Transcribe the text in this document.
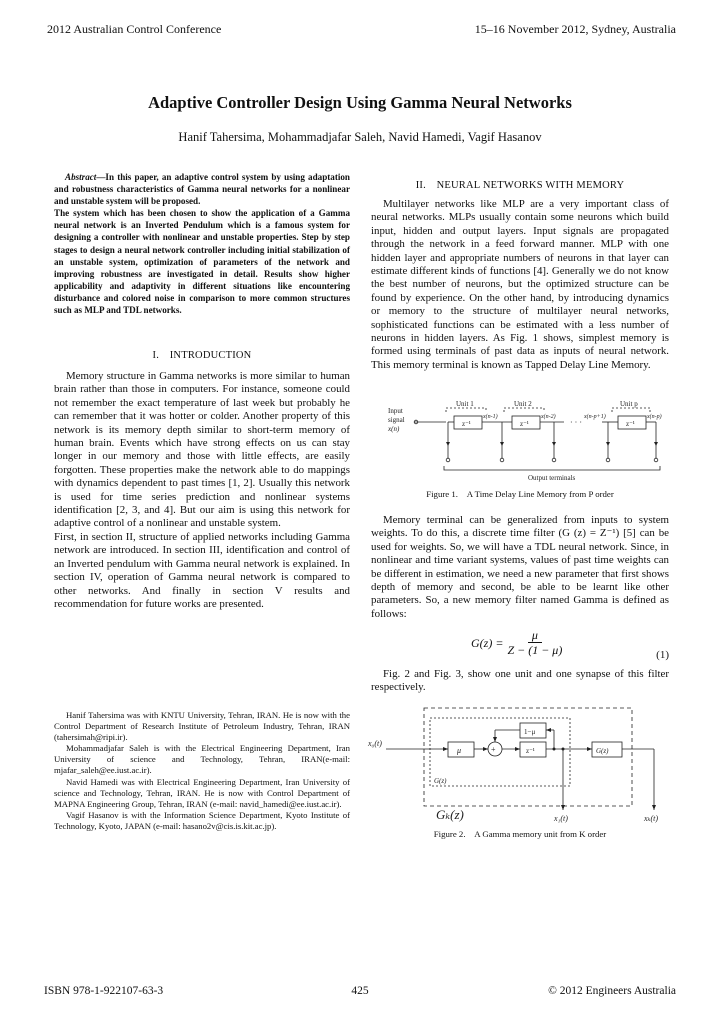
2012 Australian Control Conference	15–16 November 2012, Sydney, Australia
Adaptive Controller Design Using Gamma Neural Networks
Hanif Tahersima, Mohammadjafar Saleh, Navid Hamedi, Vagif Hasanov

Abstract—In this paper, an adaptive control system by using adaptation and robustness characteristics of Gamma neural networks for a nonlinear and unstable system will be proposed.

The system which has been chosen to show the application of a Gamma neural network is an Inverted Pendulum which is a famous system for designing a controller with nonlinear and unstable properties. Step by step stages to design a neural network controller including initial stabilization of an unstable system, optimization of parameters of the network and improving robustness are investigated in detail. Results show higher applicability and adaptivity in different situations like encountering disturbance and colored noise in comparison to more common structures such as MLP and TDL networks.

I. INTRODUCTION

Memory structure in Gamma networks is more similar to human brain rather than those in computers. For instance, someone could not remember the exact temperature of last week but probably he can remember that it was hotter or colder. Another property of this network is its memory depth similar to short-term memory of human brain. Events which have strong effects on us can stay longer in our memory and those with little effects, are easily forgotten. These properties make the network able to do mappings with dynamics dependent to past times [1, 2]. Usually this network is used for time series prediction and nonlinear systems identification [2, 3, and 4]. But our aim is using this network for adaptive control of a nonlinear and unstable system.

First, in section II, structure of applied networks including Gamma network are introduced. In section III, identification and control of an Inverted pendulum with Gamma neural network is explained. In section IV, operation of Gamma neural network is compared to other networks. And finally in section V results and recommendation for future works are presented.

Hanif Tahersima was with KNTU University, Tehran, IRAN. He is now with the Control Department of Research Institute of Petroleum Industry, Tehran, IRAN (tahersimah@ripi.ir).

Mohammadjafar Saleh is with the Electrical Engineering Department, Iran University of science and Technology, Tehran, IRAN(e-mail: mjafar_saleh@ee.iust.ac.ir).

Navid Hamedi was with Electrical Engineering Department, Iran University of science and Technology, Tehran, IRAN. He is now with Control Department of MAPNA Engineering Group, Tehran, IRAN (e-mail: navid_hamedi@ee.iust.ac.ir).

Vagif Hasanov is with the Information Science Department, Kyoto Institute of Technology, Kyoto, JAPAN (e-mail: hasano2v@cis.is.kit.ac.jp).

II. NEURAL NETWORKS WITH MEMORY

Multilayer networks like MLP are a very important class of neural networks. MLPs usually contain some neurons which build input, hidden and output layers. Input signals are propagated through the network in a feed forward manner. MLP with one hidden layer and appropriate numbers of neurons in that layer can estimate different kinds of functions [4]. Generally we do not know the best number of neurons, but the optimized structure can be found by experience. On the other hand, by introducing dynamics or memory to the structure of multilayer neural networks, sophisticated functions can be estimated with a less number of neurons in hidden layers. As Fig. 1 shows, simplest memory is formed using terminals of past data as inputs of neural network. This memory terminal is known as Tapped Delay Line Memory.

Input
signal
x(n)
Unit 1	Unit 2	Unit p
z⁻¹	z⁻¹	z⁻¹
x(n-1)	x(n-2)	x(n-p+1)	x(n-p)
· · ·
Output terminals
Figure 1. A Time Delay Line Memory from P order

Memory terminal can be generalized from inputs to system weights. To do this, a discrete time filter (G (z) = Z⁻¹) [5] can be used for weights. So, we will have a TDL neural network. Since, in nonlinear and time variant systems, values of past time weights can be different in estimation, we need a new parameter that first shows depth of memory and second, be able to be learnt like other parameters. So, a new memory filter named Gamma is defined as follows:

$G(z) = \frac{\mu}{Z - (1 - \mu)}$	(1)

Fig. 2 and Fig. 3, show one unit and one synapse of this filter respectively.

x₀(t)
μ
1−μ
z⁻¹	G(z)
+
G(z)
Gₖ(z)	x₁(t)	xₖ(t)
Figure 2. A Gamma memory unit from K order
ISBN 978-1-922107-63-3	425	© 2012 Engineers Australia
